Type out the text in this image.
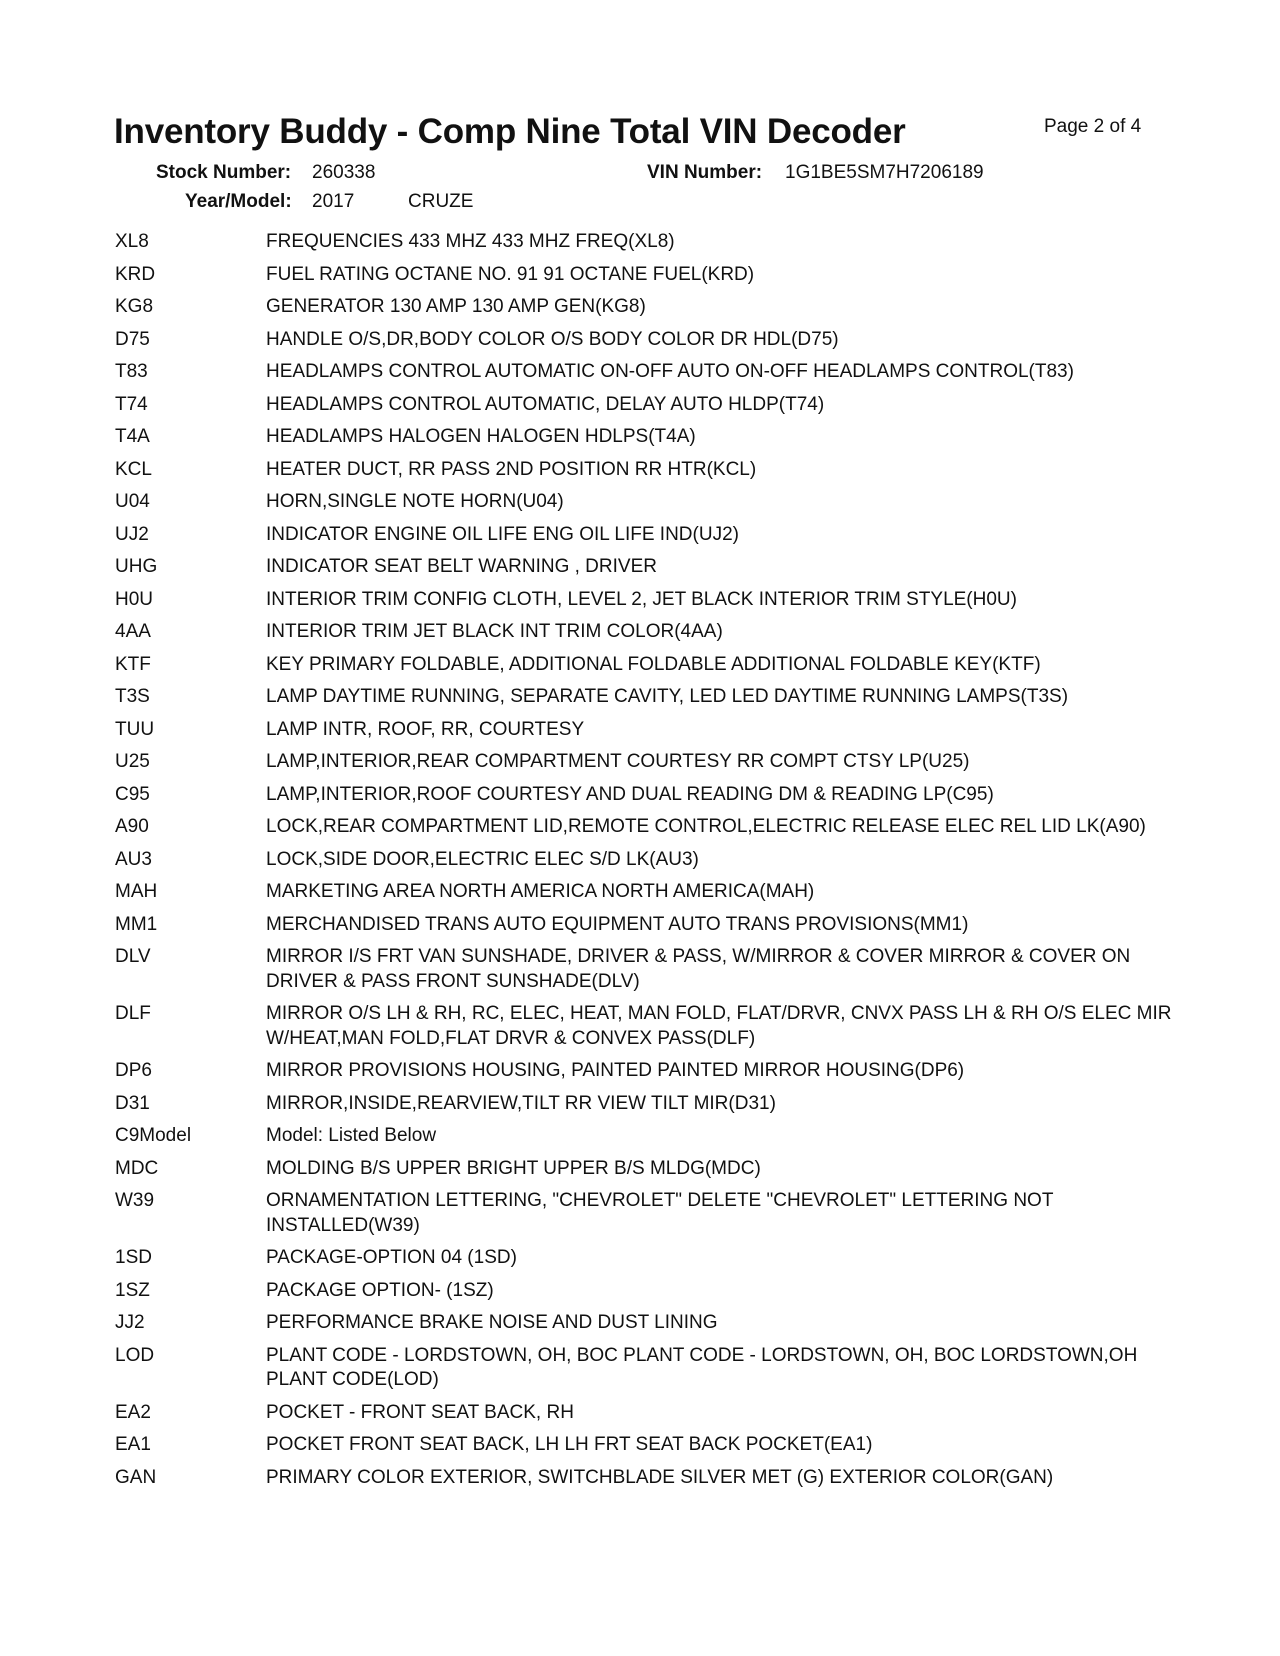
Inventory Buddy - Comp Nine Total VIN Decoder	Page 2 of 4
Stock Number: 260338	VIN Number: 1G1BE5SM7H7206189
Year/Model: 2017	CRUZE
XL8	FREQUENCIES 433 MHZ 433 MHZ FREQ(XL8)
KRD	FUEL RATING OCTANE NO. 91 91 OCTANE FUEL(KRD)
KG8	GENERATOR 130 AMP 130 AMP GEN(KG8)
D75	HANDLE O/S,DR,BODY COLOR O/S BODY COLOR DR HDL(D75)
T83	HEADLAMPS CONTROL AUTOMATIC ON-OFF AUTO ON-OFF HEADLAMPS CONTROL(T83)
T74	HEADLAMPS CONTROL AUTOMATIC, DELAY AUTO HLDP(T74)
T4A	HEADLAMPS HALOGEN HALOGEN HDLPS(T4A)
KCL	HEATER DUCT, RR PASS 2ND POSITION RR HTR(KCL)
U04	HORN,SINGLE NOTE HORN(U04)
UJ2	INDICATOR ENGINE OIL LIFE ENG OIL LIFE IND(UJ2)
UHG	INDICATOR SEAT BELT WARNING , DRIVER
H0U	INTERIOR TRIM CONFIG CLOTH, LEVEL 2, JET BLACK INTERIOR TRIM STYLE(H0U)
4AA	INTERIOR TRIM JET BLACK INT TRIM COLOR(4AA)
KTF	KEY PRIMARY FOLDABLE, ADDITIONAL FOLDABLE ADDITIONAL FOLDABLE KEY(KTF)
T3S	LAMP DAYTIME RUNNING, SEPARATE CAVITY, LED LED DAYTIME RUNNING LAMPS(T3S)
TUU	LAMP INTR, ROOF, RR, COURTESY
U25	LAMP,INTERIOR,REAR COMPARTMENT COURTESY RR COMPT CTSY LP(U25)
C95	LAMP,INTERIOR,ROOF COURTESY AND DUAL READING DM & READING LP(C95)
A90	LOCK,REAR COMPARTMENT LID,REMOTE CONTROL,ELECTRIC RELEASE ELEC REL LID LK(A90)
AU3	LOCK,SIDE DOOR,ELECTRIC ELEC S/D LK(AU3)
MAH	MARKETING AREA NORTH AMERICA NORTH AMERICA(MAH)
MM1	MERCHANDISED TRANS AUTO EQUIPMENT AUTO TRANS PROVISIONS(MM1)
DLV	MIRROR I/S FRT VAN SUNSHADE, DRIVER & PASS, W/MIRROR & COVER MIRROR & COVER ON DRIVER & PASS FRONT SUNSHADE(DLV)
DLF	MIRROR O/S LH & RH, RC, ELEC, HEAT, MAN FOLD, FLAT/DRVR, CNVX PASS LH & RH O/S ELEC MIR W/HEAT,MAN FOLD,FLAT DRVR & CONVEX PASS(DLF)
DP6	MIRROR PROVISIONS HOUSING, PAINTED PAINTED MIRROR HOUSING(DP6)
D31	MIRROR,INSIDE,REARVIEW,TILT RR VIEW TILT MIR(D31)
C9Model	Model: Listed Below
MDC	MOLDING B/S UPPER BRIGHT UPPER B/S MLDG(MDC)
W39	ORNAMENTATION LETTERING, "CHEVROLET" DELETE "CHEVROLET" LETTERING NOT INSTALLED(W39)
1SD	PACKAGE-OPTION 04 (1SD)
1SZ	PACKAGE OPTION- (1SZ)
JJ2	PERFORMANCE BRAKE NOISE AND DUST LINING
LOD	PLANT CODE - LORDSTOWN, OH, BOC PLANT CODE - LORDSTOWN, OH, BOC LORDSTOWN,OH PLANT CODE(LOD)
EA2	POCKET - FRONT SEAT BACK, RH
EA1	POCKET FRONT SEAT BACK, LH LH FRT SEAT BACK POCKET(EA1)
GAN	PRIMARY COLOR EXTERIOR, SWITCHBLADE SILVER MET (G) EXTERIOR COLOR(GAN)
